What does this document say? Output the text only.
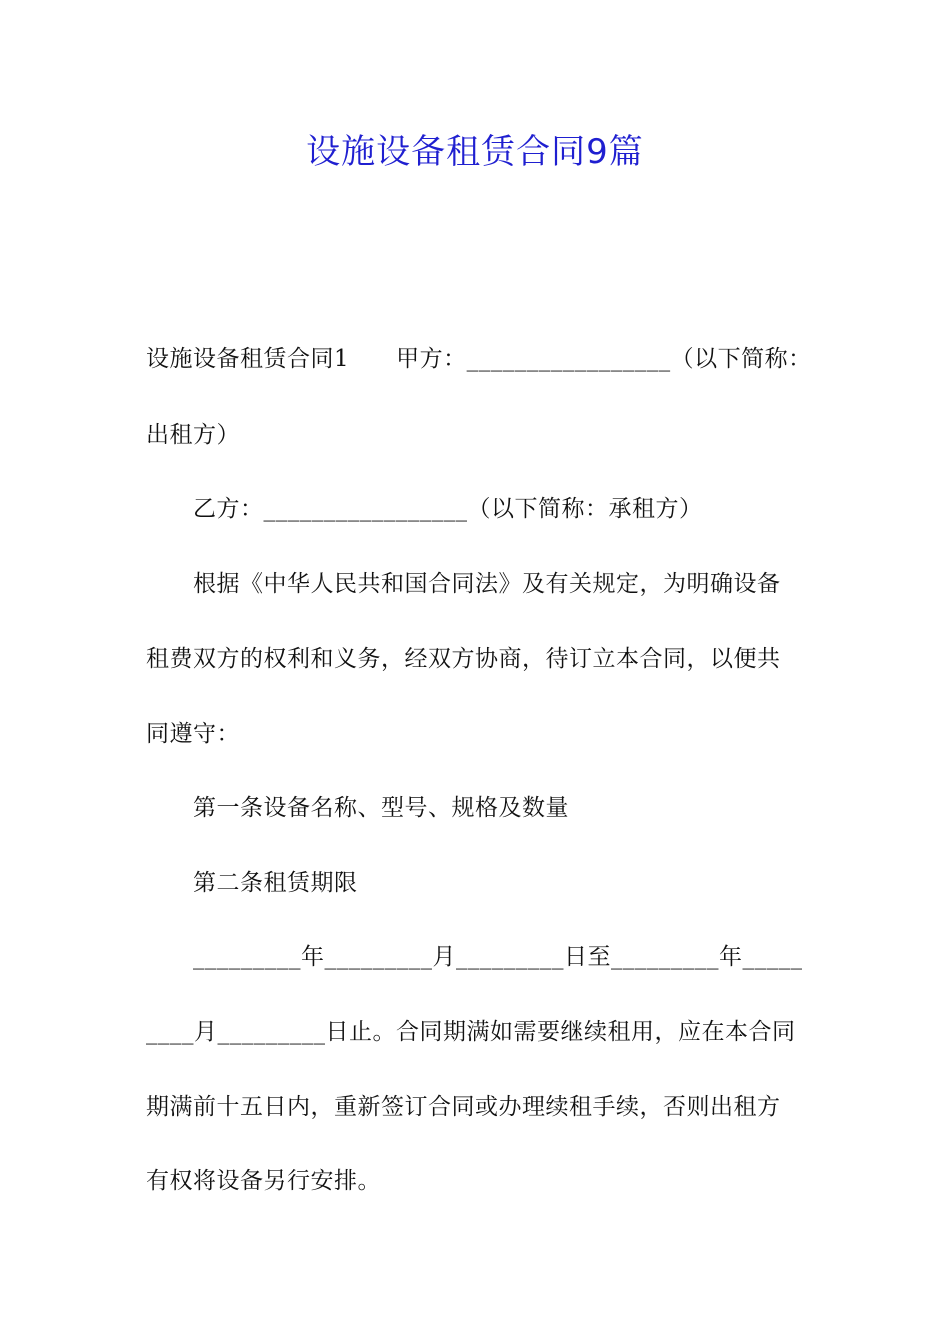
设施设备租赁合同9篇
设施设备租赁合同1　　甲方：_________________（以下简称：
出租方）
乙方：_________________（以下简称：承租方）
根据《中华人民共和国合同法》及有关规定，为明确设备
租费双方的权利和义务，经双方协商，待订立本合同，以便共
同遵守：
第一条设备名称、型号、规格及数量
第二条租赁期限
_________年_________月_________日至_________年_____
____月_________日止。合同期满如需要继续租用，应在本合同
期满前十五日内，重新签订合同或办理续租手续，否则出租方
有权将设备另行安排。
